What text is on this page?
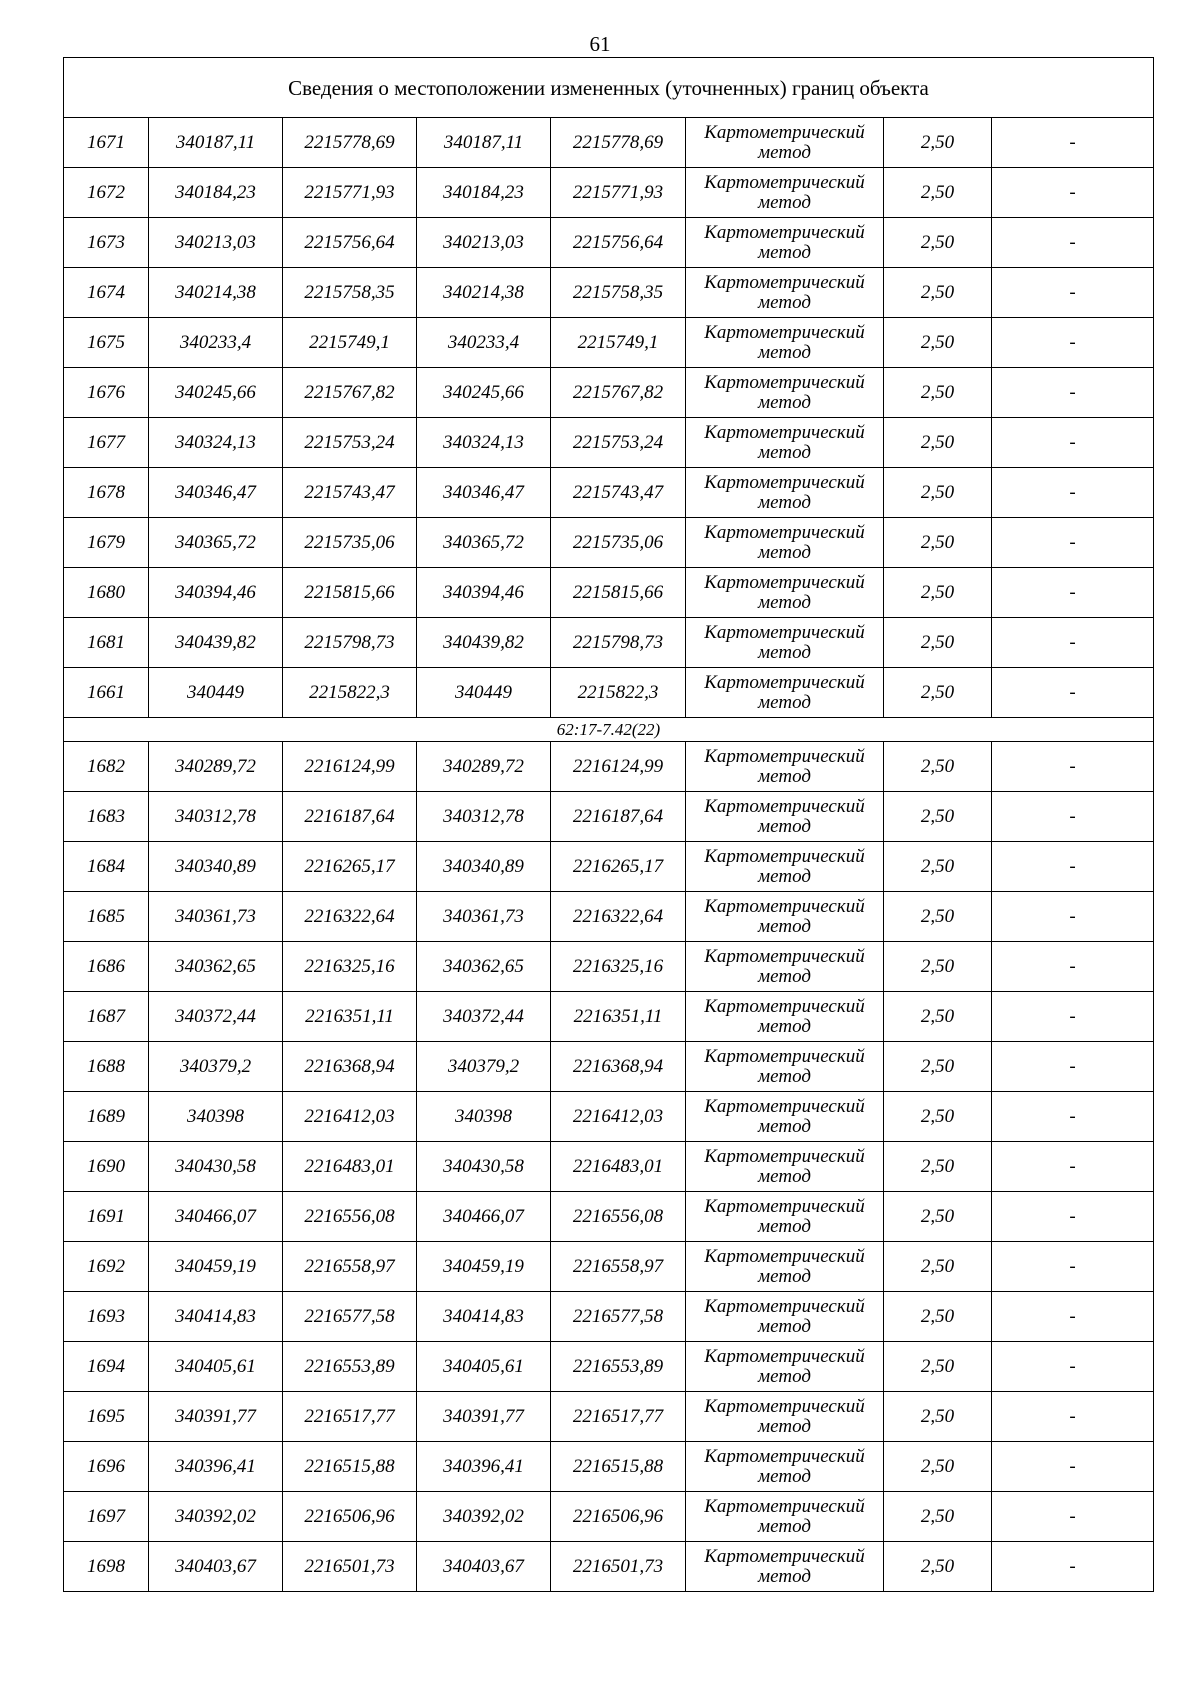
61
Сведения о местоположении измененных (уточненных) границ объекта							
1671	340187,11	2215778,69	340187,11	2215778,69	Картометрический метод	2,50	-
1672	340184,23	2215771,93	340184,23	2215771,93	Картометрический метод	2,50	-
1673	340213,03	2215756,64	340213,03	2215756,64	Картометрический метод	2,50	-
1674	340214,38	2215758,35	340214,38	2215758,35	Картометрический метод	2,50	-
1675	340233,4	2215749,1	340233,4	2215749,1	Картометрический метод	2,50	-
1676	340245,66	2215767,82	340245,66	2215767,82	Картометрический метод	2,50	-
1677	340324,13	2215753,24	340324,13	2215753,24	Картометрический метод	2,50	-
1678	340346,47	2215743,47	340346,47	2215743,47	Картометрический метод	2,50	-
1679	340365,72	2215735,06	340365,72	2215735,06	Картометрический метод	2,50	-
1680	340394,46	2215815,66	340394,46	2215815,66	Картометрический метод	2,50	-
1681	340439,82	2215798,73	340439,82	2215798,73	Картометрический метод	2,50	-
1661	340449	2215822,3	340449	2215822,3	Картометрический метод	2,50	-
62:17-7.42(22)							
1682	340289,72	2216124,99	340289,72	2216124,99	Картометрический метод	2,50	-
1683	340312,78	2216187,64	340312,78	2216187,64	Картометрический метод	2,50	-
1684	340340,89	2216265,17	340340,89	2216265,17	Картометрический метод	2,50	-
1685	340361,73	2216322,64	340361,73	2216322,64	Картометрический метод	2,50	-
1686	340362,65	2216325,16	340362,65	2216325,16	Картометрический метод	2,50	-
1687	340372,44	2216351,11	340372,44	2216351,11	Картометрический метод	2,50	-
1688	340379,2	2216368,94	340379,2	2216368,94	Картометрический метод	2,50	-
1689	340398	2216412,03	340398	2216412,03	Картометрический метод	2,50	-
1690	340430,58	2216483,01	340430,58	2216483,01	Картометрический метод	2,50	-
1691	340466,07	2216556,08	340466,07	2216556,08	Картометрический метод	2,50	-
1692	340459,19	2216558,97	340459,19	2216558,97	Картометрический метод	2,50	-
1693	340414,83	2216577,58	340414,83	2216577,58	Картометрический метод	2,50	-
1694	340405,61	2216553,89	340405,61	2216553,89	Картометрический метод	2,50	-
1695	340391,77	2216517,77	340391,77	2216517,77	Картометрический метод	2,50	-
1696	340396,41	2216515,88	340396,41	2216515,88	Картометрический метод	2,50	-
1697	340392,02	2216506,96	340392,02	2216506,96	Картометрический метод	2,50	-
1698	340403,67	2216501,73	340403,67	2216501,73	Картометрический метод	2,50	-
